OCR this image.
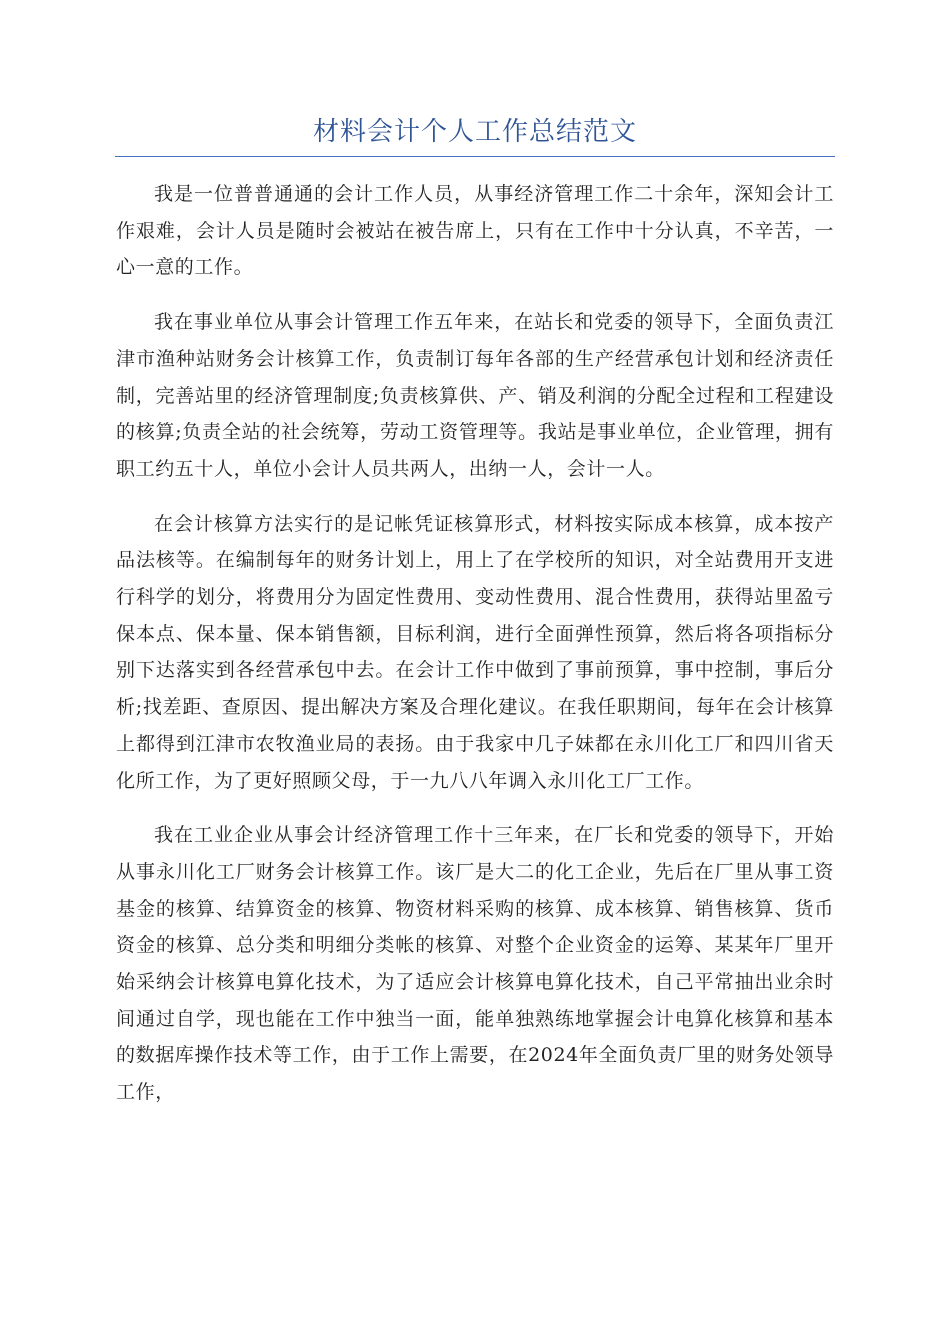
材料会计个人工作总结范文

我是一位普普通通的会计工作人员，从事经济管理工作二十余年，深知会计工作艰难，会计人员是随时会被站在被告席上，只有在工作中十分认真，不辛苦，一心一意的工作。

我在事业单位从事会计管理工作五年来，在站长和党委的领导下，全面负责江津市渔种站财务会计核算工作，负责制订每年各部的生产经营承包计划和经济责任制，完善站里的经济管理制度;负责核算供、产、销及利润的分配全过程和工程建设的核算;负责全站的社会统筹，劳动工资管理等。我站是事业单位，企业管理，拥有职工约五十人，单位小会计人员共两人，出纳一人，会计一人。

在会计核算方法实行的是记帐凭证核算形式，材料按实际成本核算，成本按产品法核等。在编制每年的财务计划上，用上了在学校所的知识，对全站费用开支进行科学的划分，将费用分为固定性费用、变动性费用、混合性费用，获得站里盈亏保本点、保本量、保本销售额，目标利润，进行全面弹性预算，然后将各项指标分别下达落实到各经营承包中去。在会计工作中做到了事前预算，事中控制，事后分析;找差距、查原因、提出解决方案及合理化建议。在我任职期间，每年在会计核算上都得到江津市农牧渔业局的表扬。由于我家中几子妹都在永川化工厂和四川省天化所工作，为了更好照顾父母，于一九八八年调入永川化工厂工作。

我在工业企业从事会计经济管理工作十三年来，在厂长和党委的领导下，开始从事永川化工厂财务会计核算工作。该厂是大二的化工企业，先后在厂里从事工资基金的核算、结算资金的核算、物资材料采购的核算、成本核算、销售核算、货币资金的核算、总分类和明细分类帐的核算、对整个企业资金的运筹、某某年厂里开始采纳会计核算电算化技术，为了适应会计核算电算化技术，自己平常抽出业余时间通过自学，现也能在工作中独当一面，能单独熟练地掌握会计电算化核算和基本的数据库操作技术等工作，由于工作上需要，在2024年全面负责厂里的财务处领导工作，
